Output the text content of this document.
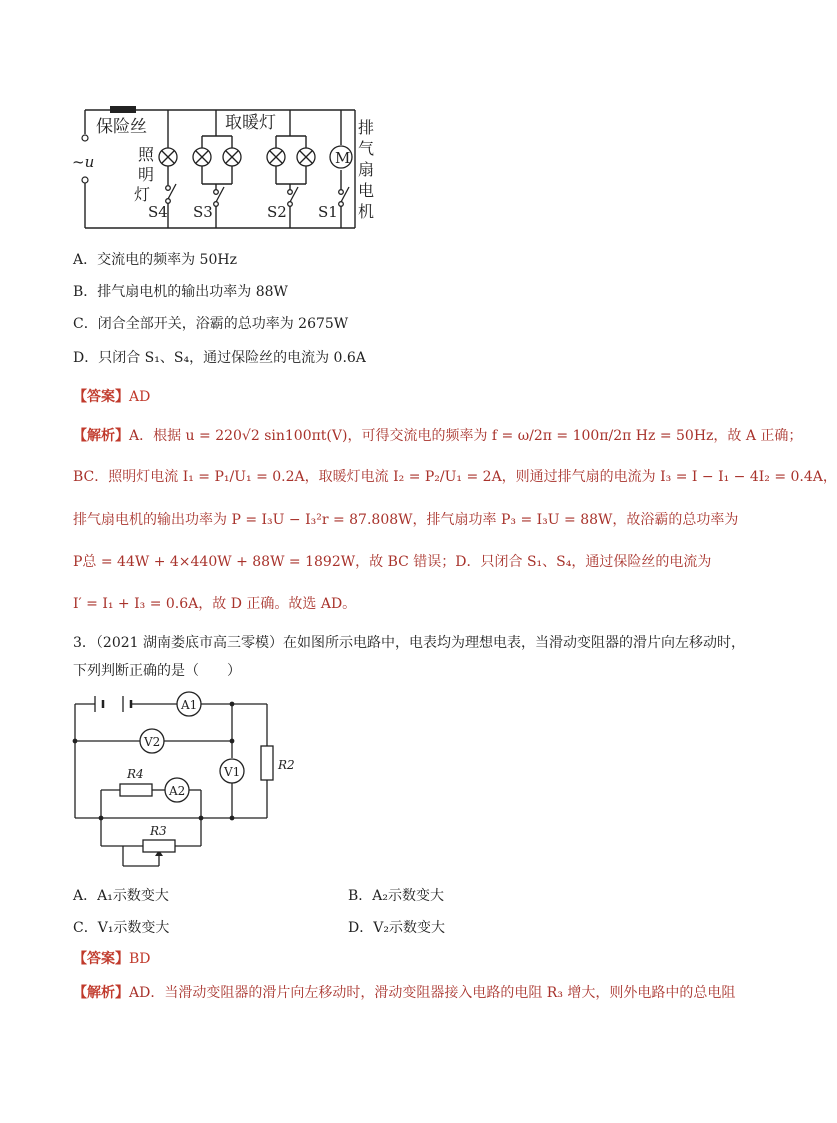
M
保险丝	取暖灯
~u	照
明
灯
排
气
扇
电
机
S4 S3	S2 S1
A．交流电的频率为 50Hz
B．排气扇电机的输出功率为 88W
C．闭合全部开关，浴霸的总功率为 2675W
D．只闭合 S₁、S₄，通过保险丝的电流为 0.6A
【答案】AD
【解析】A．根据 u = 220√2 sin100πt(V)，可得交流电的频率为 f = ω/2π = 100π/2π Hz = 50Hz，故 A 正确；
BC．照明灯电流 I₁ = P₁/U₁ = 0.2A，取暖灯电流 I₂ = P₂/U₁ = 2A，则通过排气扇的电流为 I₃ = I − I₁ − 4I₂ = 0.4A，
排气扇电机的输出功率为 P = I₃U − I₃²r = 87.808W，排气扇功率 P₃ = I₃U = 88W，故浴霸的总功率为
P总 = 44W + 4×440W + 88W = 1892W，故 BC 错误；D．只闭合 S₁、S₄，通过保险丝的电流为
I′ = I₁ + I₃ = 0.6A，故 D 正确。故选 AD。
3．（2021 湖南娄底市高三零模）在如图所示电路中，电表均为理想电表，当滑动变阻器的滑片向左移动时，
下列判断正确的是（　　）
A1
V2
V1
A2
R2
R4
R3
A．A₁示数变大	B．A₂示数变大
C．V₁示数变大	D．V₂示数变大
【答案】BD
【解析】AD．当滑动变阻器的滑片向左移动时，滑动变阻器接入电路的电阻 R₃ 增大，则外电路中的总电阻
